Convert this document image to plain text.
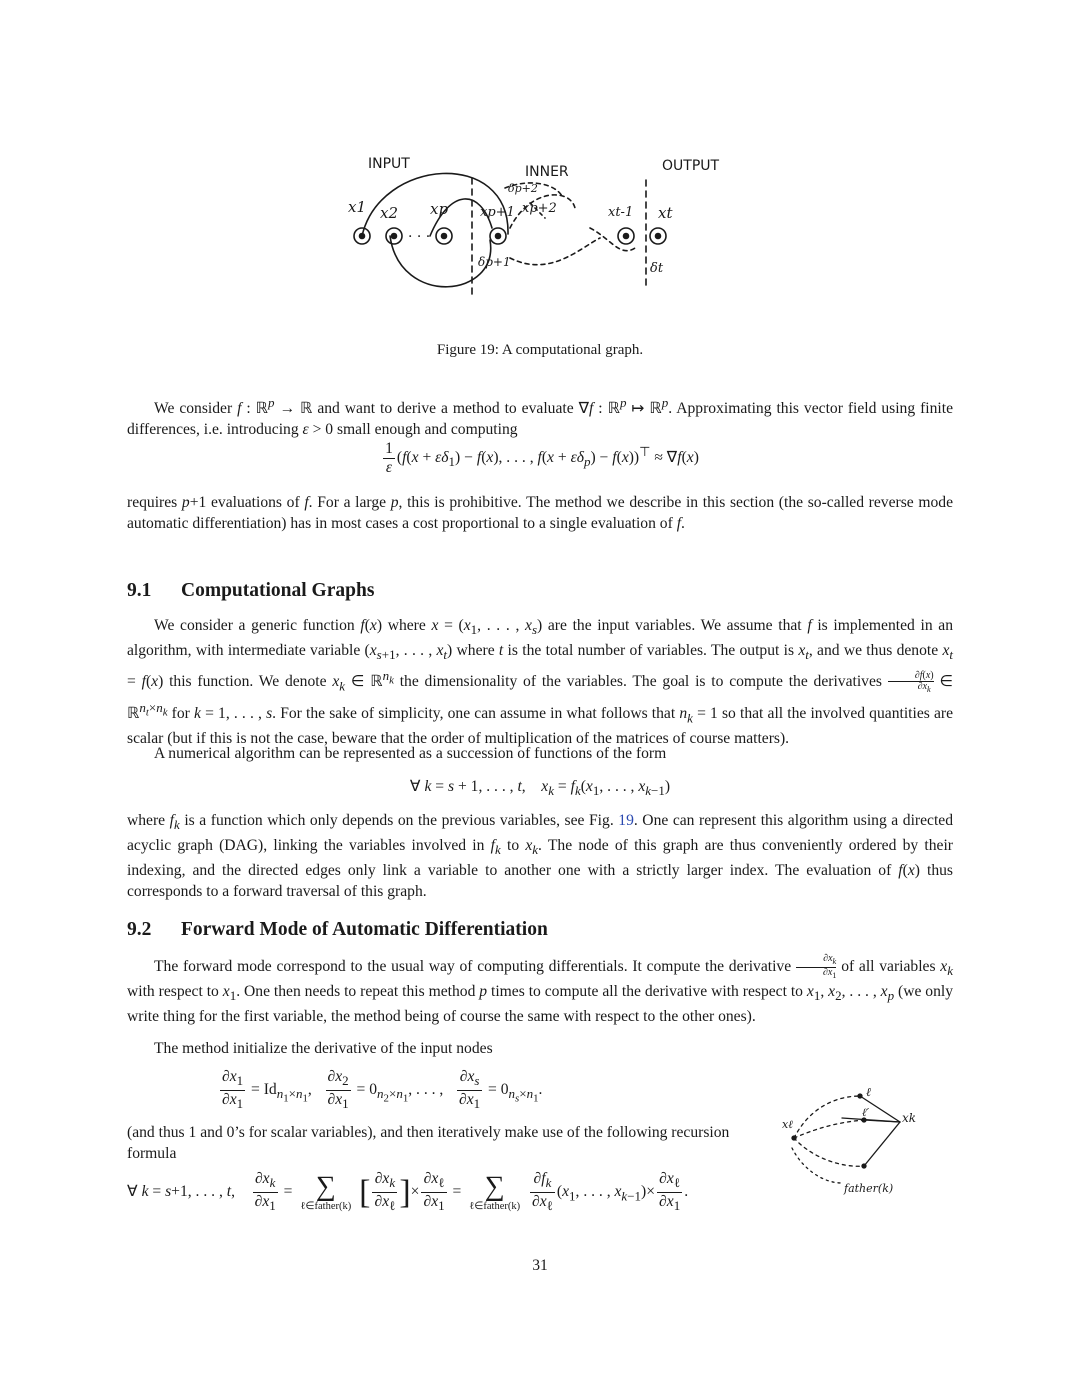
· · ·
INPUT	INNER	OUTPUT
x1 x2 xp xp+1 xp+2	xt-1 xt
δp+1	δt
δp+2
Figure 19: A computational graph.
We consider f : ℝ$^p$ → ℝ and want to derive a method to evaluate ∇f : ℝ$^p$ ↦ ℝ$^p$. Approximating this vector field using finite differences, i.e. introducing ε > 0 small enough and computing
$\frac{1}{\varepsilon} (f(x + \varepsilon\delta_1) - f(x)$, . . . , $f(x + \varepsilon\delta_p) - f(x))^⊤ \approx \nabla f(x)$
requires p+1 evaluations of f. For a large p, this is prohibitive. The method we describe in this section (the so-called reverse mode automatic differentiation) has in most cases a cost proportional to a single evaluation of f.
9.1 Computational Graphs
We consider a generic function f(x) where $x = (x_1$, . . . , $x_s$) are the input variables. We assume that f is implemented in an algorithm, with intermediate variable ($x_{s+1}$, . . . , $x_t$) where t is the total number of variables. The output is $x_t$, and we thus denote $x_t = f(x)$ this function. We denote $x_k$ ∈ ℝ$^{n_k}$ the dimensionality of the variables. The goal is to compute the derivatives $\frac{\partial f(x)}{\partial x_k}$ ∈ ℝ$^{n_t\times n_k}$ for k = 1, . . . , s. For the sake of simplicity, one can assume in what follows that $n_k = 1$ so that all the involved quantities are scalar (but if this is not the case, beware that the order of multiplication of the matrices of course matters).
A numerical algorithm can be represented as a succession of functions of the form
∀ k = s + 1, . . . , t,    $x_k = f_k(x_1$, . . . , $x_{k-1}$)
where $f_k$ is a function which only depends on the previous variables, see Fig. 19. One can represent this algorithm using a directed acyclic graph (DAG), linking the variables involved in $f_k$ to $x_k$. The node of this graph are thus conveniently ordered by their indexing, and the directed edges only link a variable to another one with a strictly larger index. The evaluation of f(x) thus corresponds to a forward traversal of this graph.
9.2 Forward Mode of Automatic Differentiation
The forward mode correspond to the usual way of computing differentials. It compute the derivative $\frac{\partial x_k}{\partial x_1}$ of all variables $x_k$ with respect to $x_1$. One then needs to repeat this method p times to compute all the derivative with respect to $x_1$, $x_2$, . . . , $x_p$ (we only write thing for the first variable, the method being of course the same with respect to the other ones).
The method initialize the derivative of the input nodes
$\frac{\partial x_1}{\partial x_1} = Id_{n_1\times n_1}$, $\frac{\partial x_2}{\partial x_1} = 0_{n_2\times n_1}$, . . . , $\frac{\partial x_s}{\partial x_1} = 0_{n_s\times n_1}$.
(and thus 1 and 0’s for scalar variables), and then iteratively make use of the following recursion formula
∀ k = s+1, . . . , t, $\frac{\partial x_k}{\partial x_1}$ = ∑
ℓ∈father(k) [ $\frac{\partial x_k}{\partial x_\ell}$ ]× $\frac{\partial x_\ell}{\partial x_1}$ = ∑
ℓ∈father(k)
$\frac{\partial f_k}{\partial x_\ell} (x_1$, . . . , $x_{k-1})\times \frac{\partial x_\ell}{\partial x_1}$ .
xℓ
ℓ
ℓ′	xk
father(k)
31
